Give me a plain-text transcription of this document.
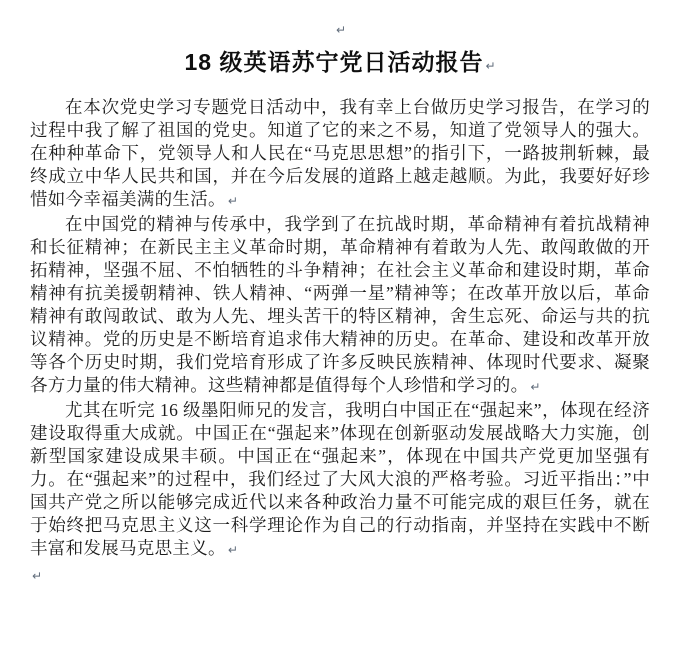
↵
18 级英语苏宁党日活动报告 ↵

在本次党史学习专题党日活动中，我有幸上台做历史学习报告，在学习的过程中我了解了祖国的党史。知道了它的来之不易，知道了党领导人的强大。在种种革命下，党领导人和人民在“马克思思想”的指引下，一路披荆斩棘，最终成立中华人民共和国，并在今后发展的道路上越走越顺。为此，我要好好珍惜如今幸福美满的生活。 ↵

在中国党的精神与传承中，我学到了在抗战时期，革命精神有着抗战精神和长征精神；在新民主主义革命时期，革命精神有着敢为人先、敢闯敢做的开拓精神，坚强不屈、不怕牺牲的斗争精神；在社会主义革命和建设时期，革命精神有抗美援朝精神、铁人精神、“两弹一星”精神等；在改革开放以后，革命精神有敢闯敢试、敢为人先、埋头苦干的特区精神，舍生忘死、命运与共的抗议精神。党的历史是不断培育追求伟大精神的历史。在革命、建设和改革开放等各个历史时期，我们党培育形成了许多反映民族精神、体现时代要求、凝聚各方力量的伟大精神。这些精神都是值得每个人珍惜和学习的。 ↵

尤其在听完 16 级墨阳师兄的发言，我明白中国正在“强起来”，体现在经济建设取得重大成就。中国正在“强起来”体现在创新驱动发展战略大力实施，创新型国家建设成果丰硕。中国正在“强起来”，体现在中国共产党更加坚强有力。在“强起来”的过程中，我们经过了大风大浪的严格考验。习近平指出：”中国共产党之所以能够完成近代以来各种政治力量不可能完成的艰巨任务，就在于始终把马克思主义这一科学理论作为自己的行动指南，并坚持在实践中不断丰富和发展马克思主义。 ↵

↵
